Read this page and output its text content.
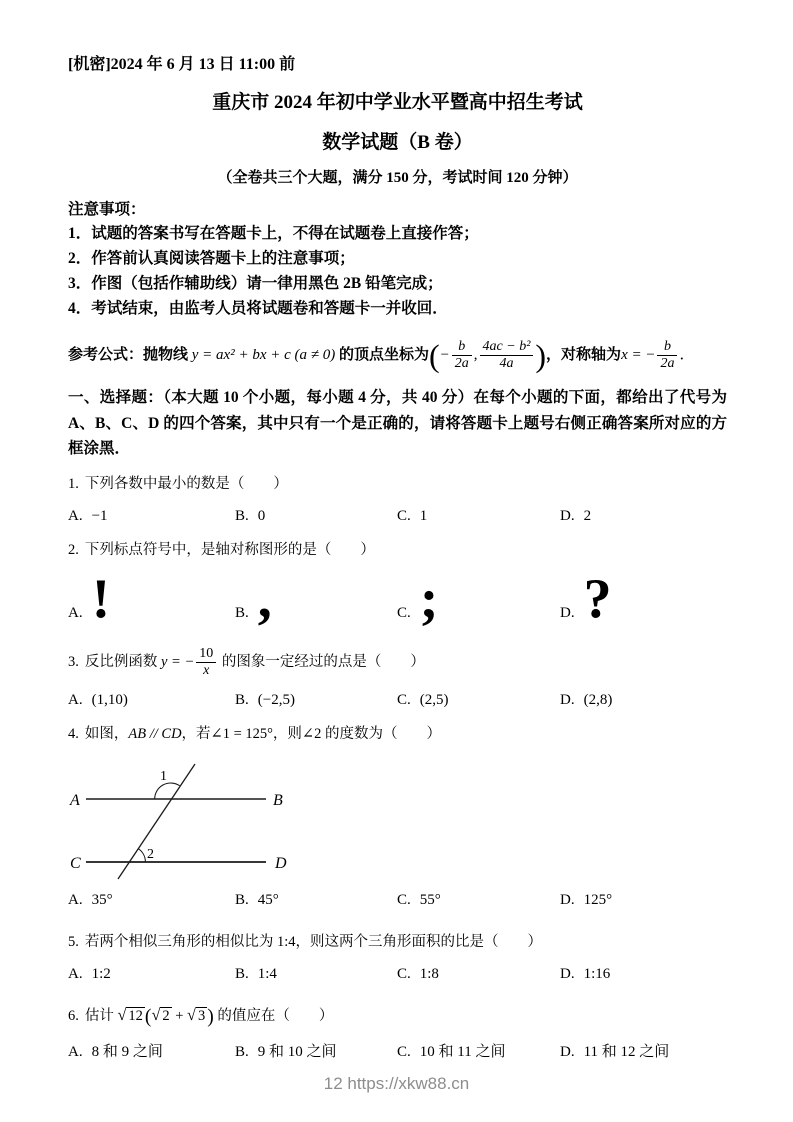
[机密]2024 年 6 月 13 日 11:00 前
重庆市 2024 年初中学业水平暨高中招生考试
数学试题（B 卷）
（全卷共三个大题，满分 150 分，考试时间 120 分钟）
注意事项：
1．试题的答案书写在答题卡上，不得在试题卷上直接作答；
2．作答前认真阅读答题卡上的注意事项；
3．作图（包括作辅助线）请一律用黑色 2B 铅笔完成；
4．考试结束，由监考人员将试题卷和答题卡一并收回．
参考公式：抛物线 y = ax² + bx + c (a ≠ 0) 的顶点坐标为(− $\frac{b}{2a}$ , $\frac{\text{4ac − b²}}{4a}$ )，对称轴为x = − $\frac{b}{2a}$ ．
一、选择题：（本大题 10 个小题，每小题 4 分，共 40 分）在每个小题的下面，都给出了代号为 A、B、C、D 的四个答案，其中只有一个是正确的，请将答题卡上题号右侧正确答案所对应的方框涂黑．
1. 下列各数中最小的数是（　　）
A. −1	B. 0	C. 1	D. 2
2. 下列标点符号中，是轴对称图形的是（　　）
A. !	B. ,	C. ;	D. ?
3. 反比例函数 y = − $\frac{10}{x}$ 的图象一定经过的点是（　　）
A. (1,10)	B. (−2,5)	C. (2,5)	D. (2,8)
4. 如图，AB // CD，若∠1 = 125°，则∠2 的度数为（　　）
A	B
C	D
1
2
A. 35°	B. 45°	C. 55°	D. 125°
5. 若两个相似三角形的相似比为 1:4，则这两个三角形面积的比是（　　）
A. 1:2	B. 1:4	C. 1:8	D. 1:16
6. 估计 √ 12 (√ 2 + √ 3 ) 的值应在（　　）
A. 8 和 9 之间	B. 9 和 10 之间	C. 10 和 11 之间	D. 11 和 12 之间
12 https://xkw88.cn
